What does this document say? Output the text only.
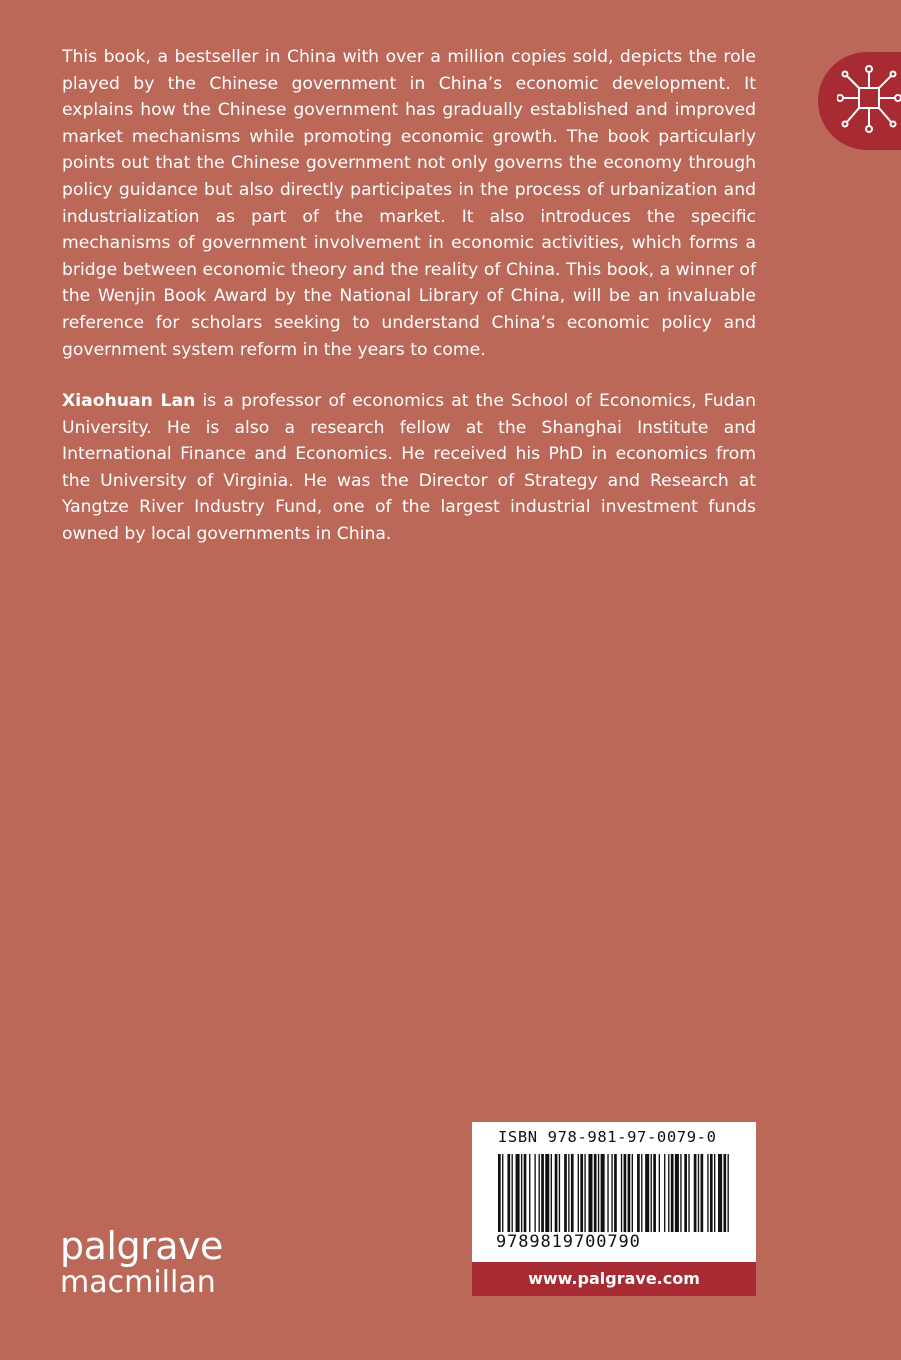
This book, a bestseller in China with over a million copies sold, depicts the role played by the Chinese government in China’s economic development. It explains how the Chinese government has gradually established and improved market mechanisms while promoting economic growth. The book particularly points out that the Chinese government not only governs the economy through policy guidance but also directly participates in the process of urbanization and industrialization as part of the market. It also introduces the specific mechanisms of government involvement in economic activities, which forms a bridge between economic theory and the reality of China. This book, a winner of the Wenjin Book Award by the National Library of China, will be an invaluable reference for scholars seeking to understand China’s economic policy and government system reform in the years to come.

Xiaohuan Lan is a professor of economics at the School of Economics, Fudan University. He is also a research fellow at the Shanghai Institute and International Finance and Economics. He received his PhD in economics from the University of Virginia. He was the Director of Strategy and Research at Yangtze River Industry Fund, one of the largest industrial investment funds owned by local governments in China.

palgrave
macmillan
ISBN 978-981-97-0079-0
9789819700790
www.palgrave.com
